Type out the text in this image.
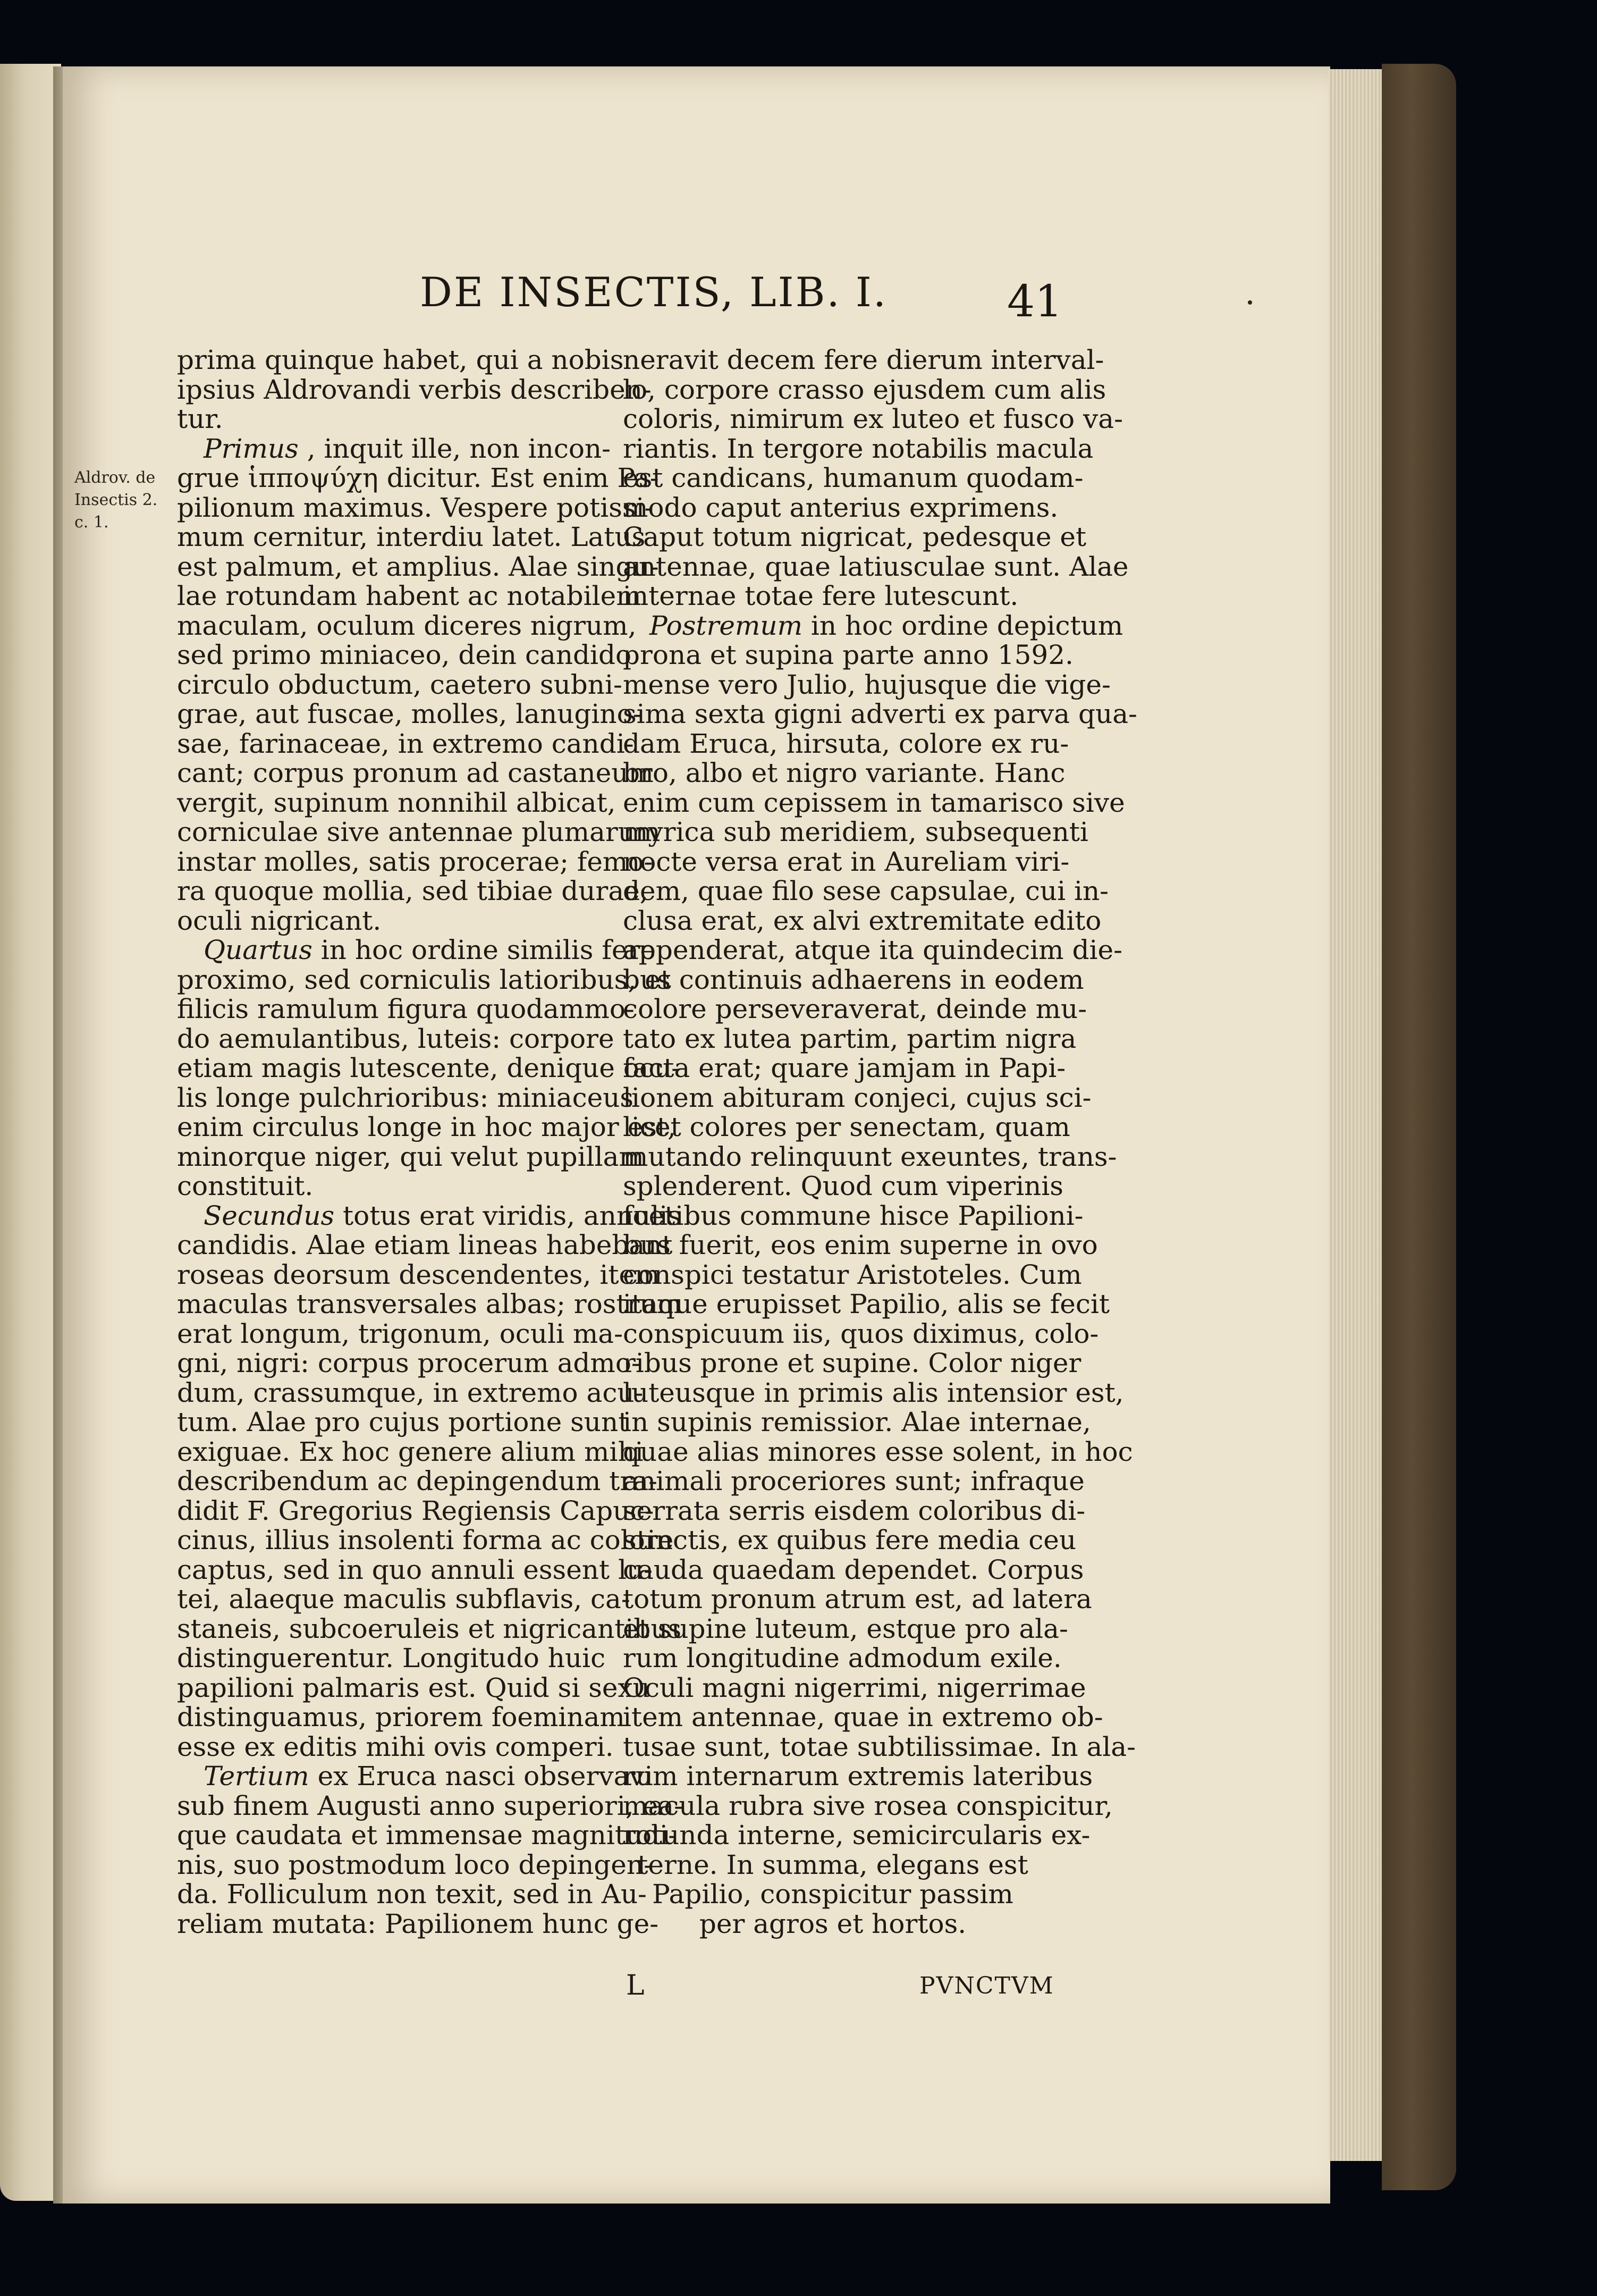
DE INSECTIS, LIB. I.	41
Aldrov. de
Insectis 2.
c. 1.
prima quinque habet, qui a nobis
ipsius Aldrovandi verbis describen-
tur.
Primus , inquit ille, non incon-
grue ἱπποψύχη dicitur. Est enim Pa-
pilionum maximus. Vespere potissi-
mum cernitur, interdiu latet. Latus
est palmum, et amplius. Alae singu-
lae rotundam habent ac notabilem
maculam, oculum diceres nigrum,
sed primo miniaceo, dein candido
circulo obductum, caetero subni-
grae, aut fuscae, molles, lanugino-
sae, farinaceae, in extremo candi-
cant; corpus pronum ad castaneum
vergit, supinum nonnihil albicat,
corniculae sive antennae plumarum
instar molles, satis procerae; femo-
ra quoque mollia, sed tibiae durae,
oculi nigricant.
Quartus in hoc ordine similis fere
proximo, sed corniculis latioribus, et
filicis ramulum figura quodammo-
do aemulantibus, luteis: corpore
etiam magis lutescente, denique ocu-
lis longe pulchrioribus: miniaceus
enim circulus longe in hoc major est,
minorque niger, qui velut pupillam
constituit.
Secundus totus erat viridis, annulis
candidis. Alae etiam lineas habebant
roseas deorsum descendentes, item
maculas transversales albas; rostrum
erat longum, trigonum, oculi ma-
gni, nigri: corpus procerum admo-
dum, crassumque, in extremo acu-
tum. Alae pro cujus portione sunt
exiguae. Ex hoc genere alium mihi
describendum ac depingendum tra-
didit F. Gregorius Regiensis Capuc-
cinus, illius insolenti forma ac colore
captus, sed in quo annuli essent lu-
tei, alaeque maculis subflavis, ca-
staneis, subcoeruleis et nigricantibus
distinguerentur. Longitudo huic
papilioni palmaris est. Quid si sexu
distinguamus, priorem foeminam
esse ex editis mihi ovis comperi.
Tertium ex Eruca nasci observavi
sub finem Augusti anno superiori, ea-
que caudata et immensae magnitudi-
nis, suo postmodum loco depingen-
da. Folliculum non texit, sed in Au-
reliam mutata: Papilionem hunc ge-
neravit decem fere dierum interval-
lo, corpore crasso ejusdem cum alis
coloris, nimirum ex luteo et fusco va-
riantis. In tergore notabilis macula
est candicans, humanum quodam-
modo caput anterius exprimens.
Caput totum nigricat, pedesque et
antennae, quae latiusculae sunt. Alae
internae totae fere lutescunt.
Postremum in hoc ordine depictum
prona et supina parte anno 1592.
mense vero Julio, hujusque die vige-
sima sexta gigni adverti ex parva qua-
dam Eruca, hirsuta, colore ex ru-
bro, albo et nigro variante. Hanc
enim cum cepissem in tamarisco sive
myrica sub meridiem, subsequenti
nocte versa erat in Aureliam viri-
dem, quae filo sese capsulae, cui in-
clusa erat, ex alvi extremitate edito
appenderat, atque ita quindecim die-
bus continuis adhaerens in eodem
colore perseveraverat, deinde mu-
tato ex lutea partim, partim nigra
facta erat; quare jamjam in Papi-
lionem abituram conjeci, cujus sci-
licet colores per senectam, quam
mutando relinquunt exeuntes, trans-
splenderent. Quod cum viperinis
foetibus commune hisce Papilioni-
bus fuerit, eos enim superne in ovo
conspici testatur Aristoteles. Cum
itaque erupisset Papilio, alis se fecit
conspicuum iis, quos diximus, colo-
ribus prone et supine. Color niger
luteusque in primis alis intensior est,
in supinis remissior. Alae internae,
quae alias minores esse solent, in hoc
animali proceriores sunt; infraque
serrata serris eisdem coloribus di-
stinctis, ex quibus fere media ceu
cauda quaedam dependet. Corpus
totum pronum atrum est, ad latera
et supine luteum, estque pro ala-
rum longitudine admodum exile.
Oculi magni nigerrimi, nigerrimae
item antennae, quae in extremo ob-
tusae sunt, totae subtilissimae. In ala-
rum internarum extremis lateribus
macula rubra sive rosea conspicitur,
rotunda interne, semicircularis ex-
terne. In summa, elegans est
Papilio, conspicitur passim
per agros et hortos.
L	PVNCTVM
